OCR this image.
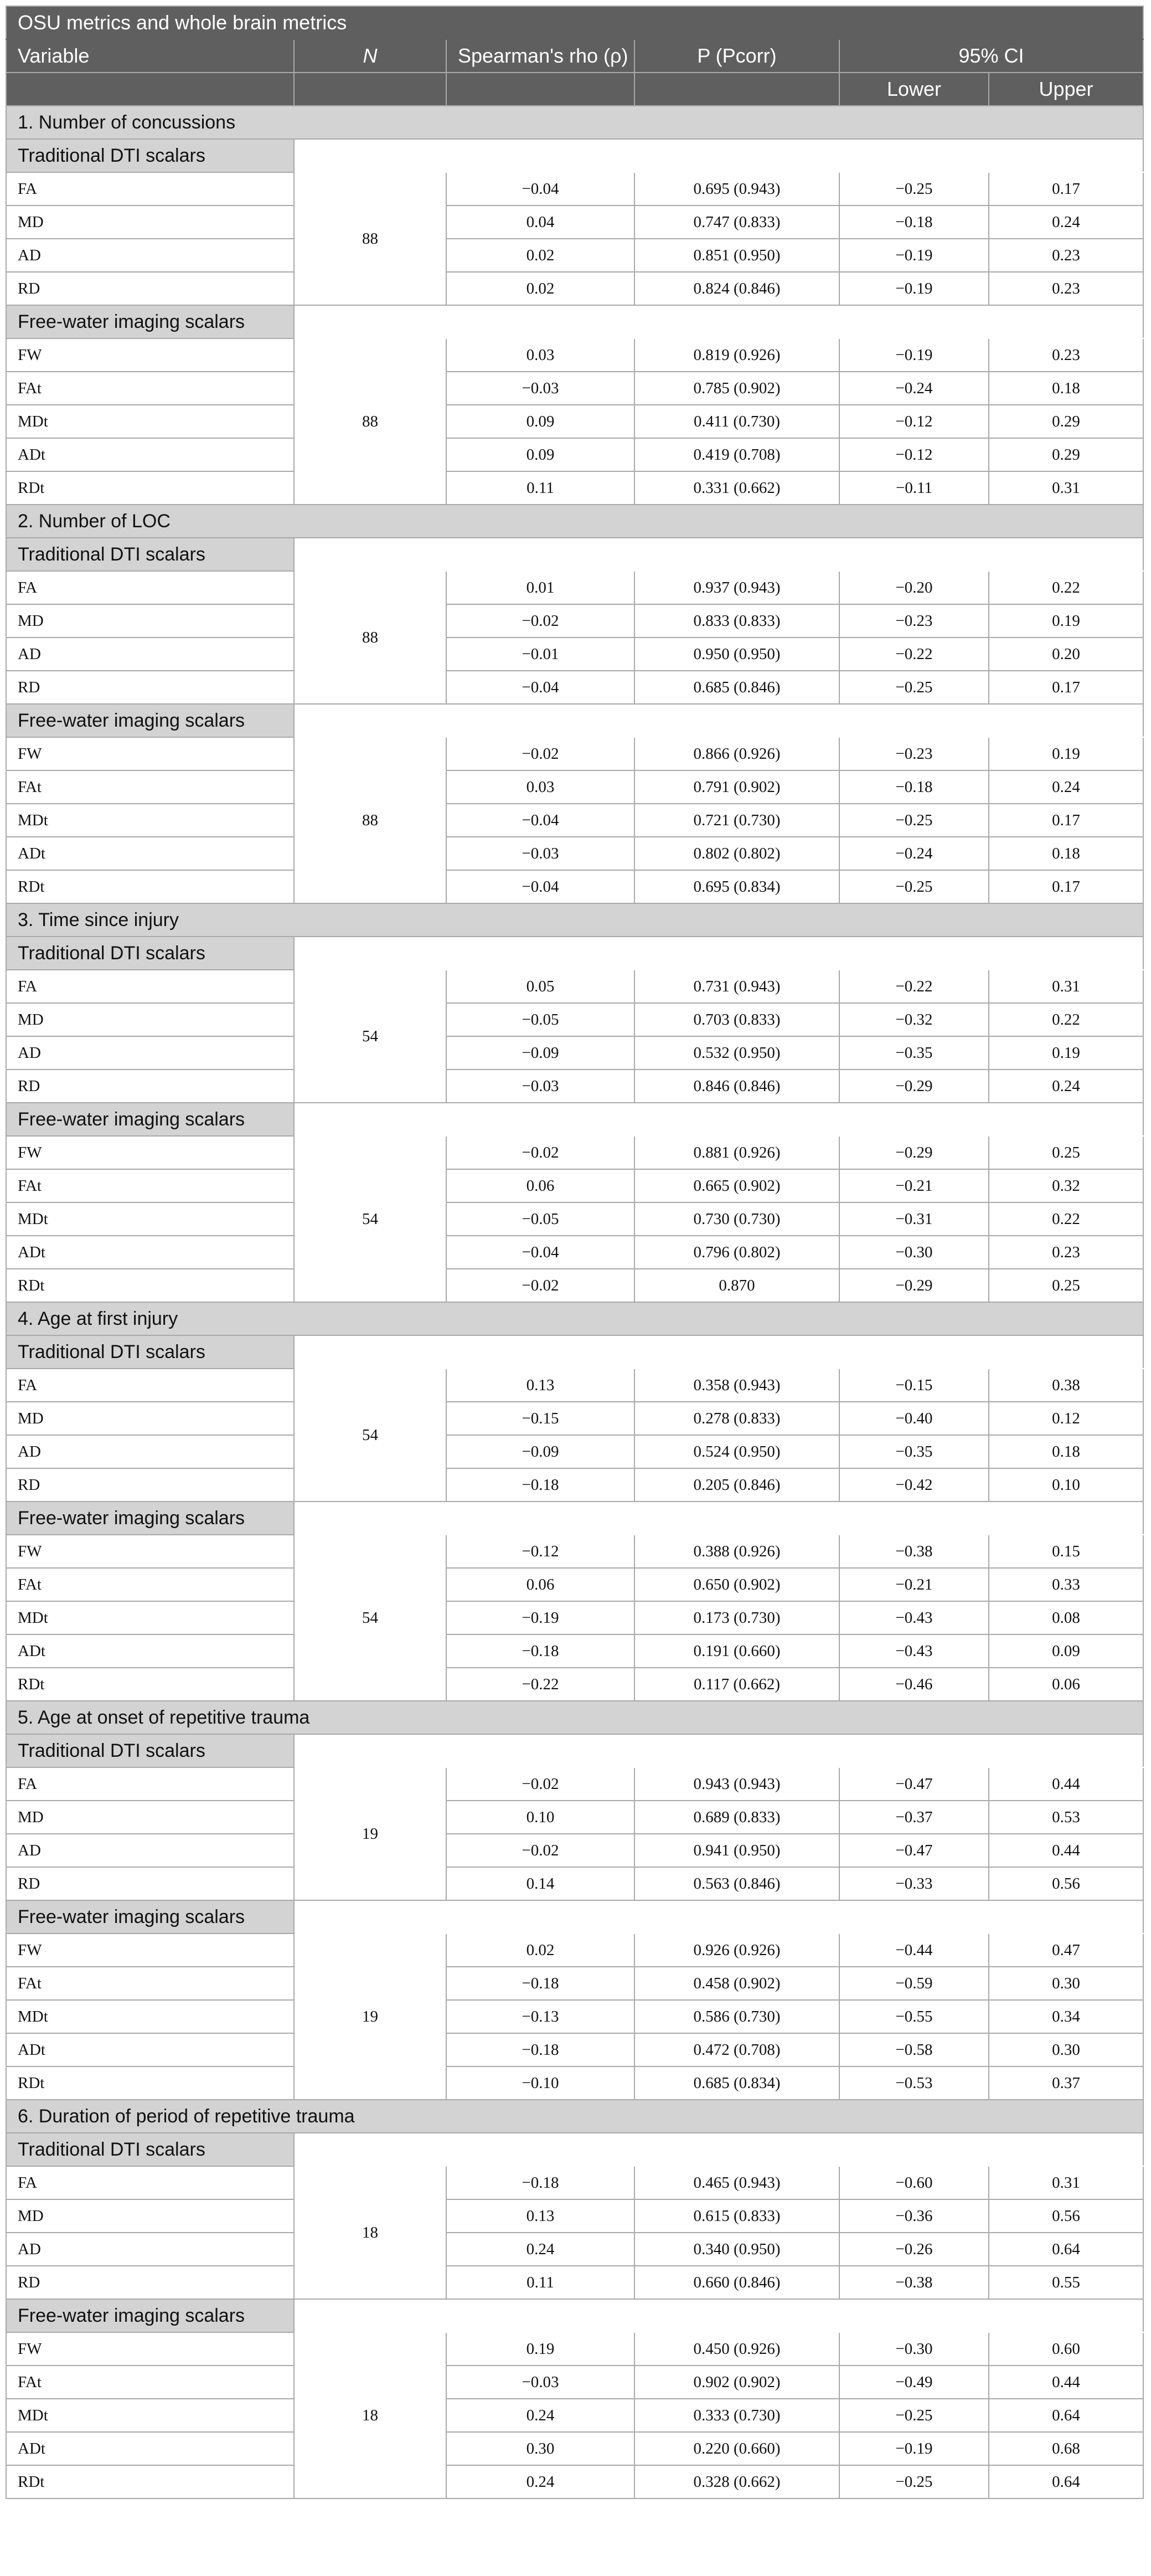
OSU metrics and whole brain metrics					
Variable	N	Spearman's rho (ρ)	P (Pcorr)	95% CI	
				Lower	Upper
1. Number of concussions					
Traditional DTI scalars					
FA	88	−0.04	0.695 (0.943)	−0.25	0.17
MD		0.04	0.747 (0.833)	−0.18	0.24
AD		0.02	0.851 (0.950)	−0.19	0.23
RD		0.02	0.824 (0.846)	−0.19	0.23
Free-water imaging scalars					
FW	88	0.03	0.819 (0.926)	−0.19	0.23
FAt		−0.03	0.785 (0.902)	−0.24	0.18
MDt		0.09	0.411 (0.730)	−0.12	0.29
ADt		0.09	0.419 (0.708)	−0.12	0.29
RDt		0.11	0.331 (0.662)	−0.11	0.31
2. Number of LOC					
Traditional DTI scalars					
FA	88	0.01	0.937 (0.943)	−0.20	0.22
MD		−0.02	0.833 (0.833)	−0.23	0.19
AD		−0.01	0.950 (0.950)	−0.22	0.20
RD		−0.04	0.685 (0.846)	−0.25	0.17
Free-water imaging scalars					
FW	88	−0.02	0.866 (0.926)	−0.23	0.19
FAt		0.03	0.791 (0.902)	−0.18	0.24
MDt		−0.04	0.721 (0.730)	−0.25	0.17
ADt		−0.03	0.802 (0.802)	−0.24	0.18
RDt		−0.04	0.695 (0.834)	−0.25	0.17
3. Time since injury					
Traditional DTI scalars					
FA	54	0.05	0.731 (0.943)	−0.22	0.31
MD		−0.05	0.703 (0.833)	−0.32	0.22
AD		−0.09	0.532 (0.950)	−0.35	0.19
RD		−0.03	0.846 (0.846)	−0.29	0.24
Free-water imaging scalars					
FW	54	−0.02	0.881 (0.926)	−0.29	0.25
FAt		0.06	0.665 (0.902)	−0.21	0.32
MDt		−0.05	0.730 (0.730)	−0.31	0.22
ADt		−0.04	0.796 (0.802)	−0.30	0.23
RDt		−0.02	0.870	−0.29	0.25
4. Age at first injury					
Traditional DTI scalars					
FA	54	0.13	0.358 (0.943)	−0.15	0.38
MD		−0.15	0.278 (0.833)	−0.40	0.12
AD		−0.09	0.524 (0.950)	−0.35	0.18
RD		−0.18	0.205 (0.846)	−0.42	0.10
Free-water imaging scalars					
FW	54	−0.12	0.388 (0.926)	−0.38	0.15
FAt		0.06	0.650 (0.902)	−0.21	0.33
MDt		−0.19	0.173 (0.730)	−0.43	0.08
ADt		−0.18	0.191 (0.660)	−0.43	0.09
RDt		−0.22	0.117 (0.662)	−0.46	0.06
5. Age at onset of repetitive trauma					
Traditional DTI scalars					
FA	19	−0.02	0.943 (0.943)	−0.47	0.44
MD		0.10	0.689 (0.833)	−0.37	0.53
AD		−0.02	0.941 (0.950)	−0.47	0.44
RD		0.14	0.563 (0.846)	−0.33	0.56
Free-water imaging scalars					
FW	19	0.02	0.926 (0.926)	−0.44	0.47
FAt		−0.18	0.458 (0.902)	−0.59	0.30
MDt		−0.13	0.586 (0.730)	−0.55	0.34
ADt		−0.18	0.472 (0.708)	−0.58	0.30
RDt		−0.10	0.685 (0.834)	−0.53	0.37
6. Duration of period of repetitive trauma					
Traditional DTI scalars					
FA	18	−0.18	0.465 (0.943)	−0.60	0.31
MD		0.13	0.615 (0.833)	−0.36	0.56
AD		0.24	0.340 (0.950)	−0.26	0.64
RD		0.11	0.660 (0.846)	−0.38	0.55
Free-water imaging scalars					
FW	18	0.19	0.450 (0.926)	−0.30	0.60
FAt		−0.03	0.902 (0.902)	−0.49	0.44
MDt		0.24	0.333 (0.730)	−0.25	0.64
ADt		0.30	0.220 (0.660)	−0.19	0.68
RDt		0.24	0.328 (0.662)	−0.25	0.64
